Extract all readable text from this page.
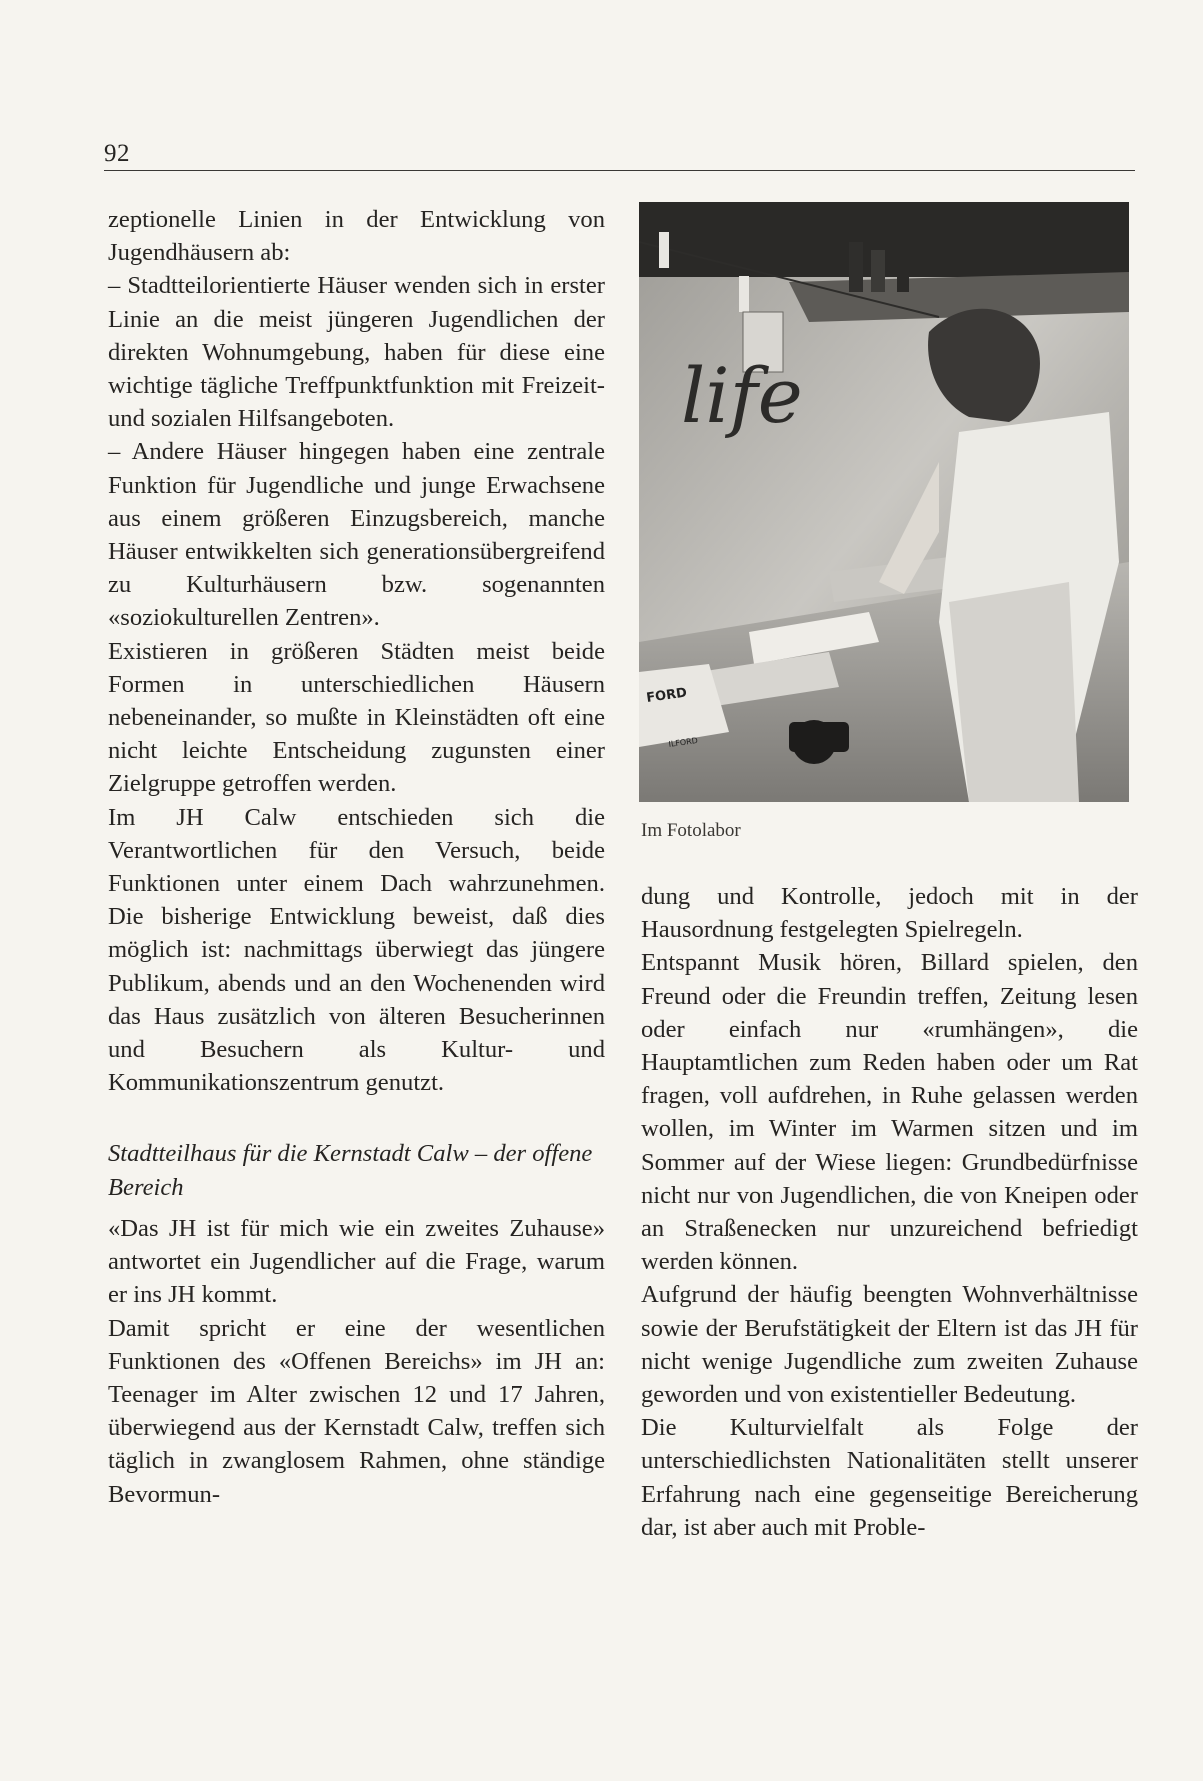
92

zeptionelle Linien in der Entwicklung von Jugendhäusern ab:

– Stadtteilorientierte Häuser wenden sich in erster Linie an die meist jüngeren Jugendlichen der direkten Wohnumgebung, haben für diese eine wichtige tägliche Treffpunktfunktion mit Freizeit- und sozialen Hilfsangeboten.

– Andere Häuser hingegen haben eine zentrale Funktion für Jugendliche und junge Erwachsene aus einem größeren Einzugsbereich, manche Häuser entwikkelten sich generationsübergreifend zu Kulturhäusern bzw. sogenannten «soziokulturellen Zentren».

Existieren in größeren Städten meist beide Formen in unterschiedlichen Häusern nebeneinander, so mußte in Kleinstädten oft eine nicht leichte Entscheidung zugunsten einer Zielgruppe getroffen werden.

Im JH Calw entschieden sich die Verantwortlichen für den Versuch, beide Funktionen unter einem Dach wahrzunehmen. Die bisherige Entwicklung beweist, daß dies möglich ist: nachmittags überwiegt das jüngere Publikum, abends und an den Wochenenden wird das Haus zusätzlich von älteren Besucherinnen und Besuchern als Kultur- und Kommunikationszentrum genutzt.

Stadtteilhaus für die Kernstadt Calw – der offene Bereich

«Das JH ist für mich wie ein zweites Zuhause» antwortet ein Jugendlicher auf die Frage, warum er ins JH kommt.

Damit spricht er eine der wesentlichen Funktionen des «Offenen Bereichs» im JH an: Teenager im Alter zwischen 12 und 17 Jahren, überwiegend aus der Kernstadt Calw, treffen sich täglich in zwanglosem Rahmen, ohne ständige Bevormun-

life
FORD
ILFORD
Im Fotolabor

dung und Kontrolle, jedoch mit in der Hausordnung festgelegten Spielregeln.

Entspannt Musik hören, Billard spielen, den Freund oder die Freundin treffen, Zeitung lesen oder einfach nur «rumhängen», die Hauptamtlichen zum Reden haben oder um Rat fragen, voll aufdrehen, in Ruhe gelassen werden wollen, im Winter im Warmen sitzen und im Sommer auf der Wiese liegen: Grundbedürfnisse nicht nur von Jugendlichen, die von Kneipen oder an Straßenecken nur unzureichend befriedigt werden können.

Aufgrund der häufig beengten Wohnverhältnisse sowie der Berufstätigkeit der Eltern ist das JH für nicht wenige Jugendliche zum zweiten Zuhause geworden und von existentieller Bedeutung.

Die Kulturvielfalt als Folge der unterschiedlichsten Nationalitäten stellt unserer Erfahrung nach eine gegenseitige Bereicherung dar, ist aber auch mit Proble-
